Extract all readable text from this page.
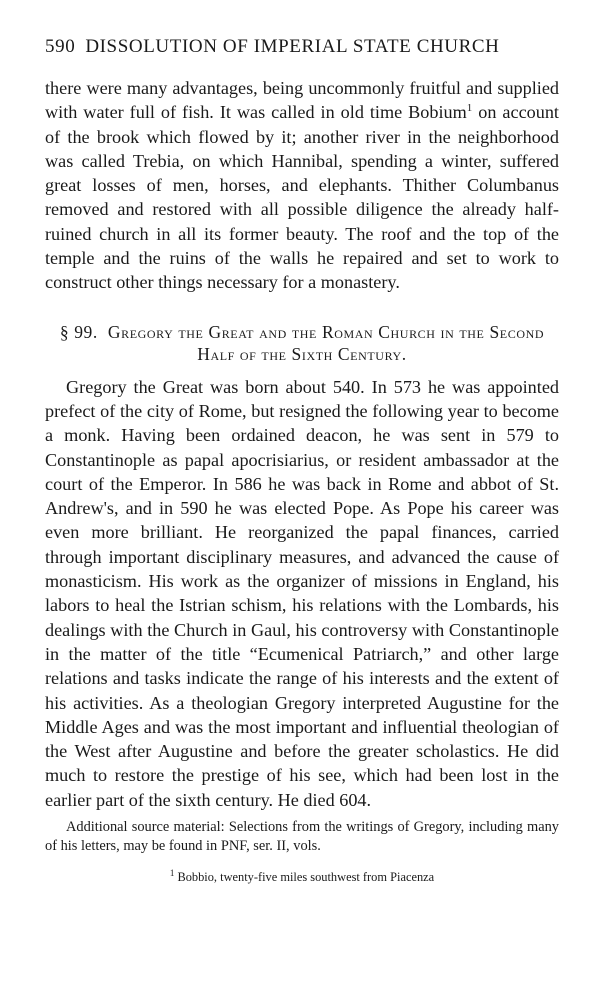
590 DISSOLUTION OF IMPERIAL STATE CHURCH

there were many advantages, being uncommonly fruitful and supplied with water full of fish. It was called in old time Bobium$^1$ on account of the brook which flowed by it; another river in the neighborhood was called Trebia, on which Hannibal, spending a winter, suffered great losses of men, horses, and elephants. Thither Columbanus removed and restored with all possible diligence the already half-ruined church in all its former beauty. The roof and the top of the temple and the ruins of the walls he repaired and set to work to construct other things necessary for a monastery.

§ 99. Gregory the Great and the Roman Church in the Second Half of the Sixth Century.

Gregory the Great was born about 540. In 573 he was appointed prefect of the city of Rome, but resigned the following year to become a monk. Having been ordained deacon, he was sent in 579 to Constantinople as papal apocrisiarius, or resident ambassador at the court of the Emperor. In 586 he was back in Rome and abbot of St. Andrew's, and in 590 he was elected Pope. As Pope his career was even more brilliant. He reorganized the papal finances, carried through important disciplinary measures, and advanced the cause of monasticism. His work as the organizer of missions in England, his labors to heal the Istrian schism, his relations with the Lombards, his dealings with the Church in Gaul, his controversy with Constantinople in the matter of the title “Ecumenical Patriarch,” and other large relations and tasks indicate the range of his interests and the extent of his activities. As a theologian Gregory interpreted Augustine for the Middle Ages and was the most important and influential theologian of the West after Augustine and before the greater scholastics. He did much to restore the prestige of his see, which had been lost in the earlier part of the sixth century. He died 604.

Additional source material: Selections from the writings of Gregory, including many of his letters, may be found in PNF, ser. II, vols.

$^1$ Bobbio, twenty-five miles southwest from Piacenza
